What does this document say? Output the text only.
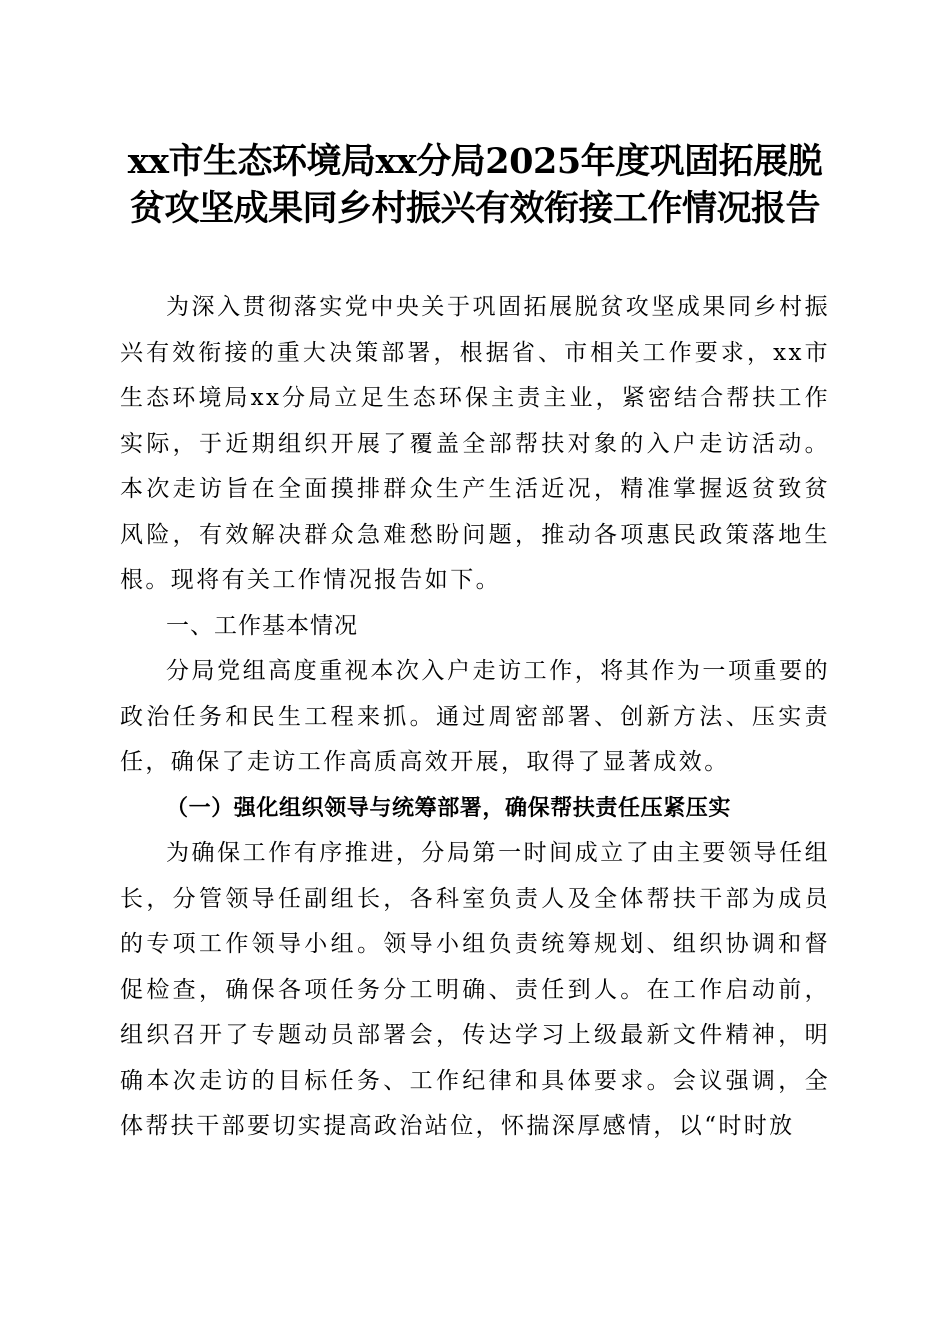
xx市生态环境局xx分局2025年度巩固拓展脱
贫攻坚成果同乡村振兴有效衔接工作情况报告

为深入贯彻落实党中央关于巩固拓展脱贫攻坚成果同乡村振兴有效衔接的重大决策部署，根据省、市相关工作要求，xx市生态环境局xx分局立足生态环保主责主业，紧密结合帮扶工作实际，于近期组织开展了覆盖全部帮扶对象的入户走访活动。本次走访旨在全面摸排群众生产生活近况，精准掌握返贫致贫风险，有效解决群众急难愁盼问题，推动各项惠民政策落地生根。现将有关工作情况报告如下。

一、工作基本情况

分局党组高度重视本次入户走访工作，将其作为一项重要的政治任务和民生工程来抓。通过周密部署、创新方法、压实责任，确保了走访工作高质高效开展，取得了显著成效。

（一）强化组织领导与统筹部署，确保帮扶责任压紧压实

为确保工作有序推进，分局第一时间成立了由主要领导任组长，分管领导任副组长，各科室负责人及全体帮扶干部为成员的专项工作领导小组。领导小组负责统筹规划、组织协调和督促检查，确保各项任务分工明确、责任到人。在工作启动前，组织召开了专题动员部署会，传达学习上级最新文件精神，明确本次走访的目标任务、工作纪律和具体要求。会议强调，全体帮扶干部要切实提高政治站位，怀揣深厚感情，以“时时放
